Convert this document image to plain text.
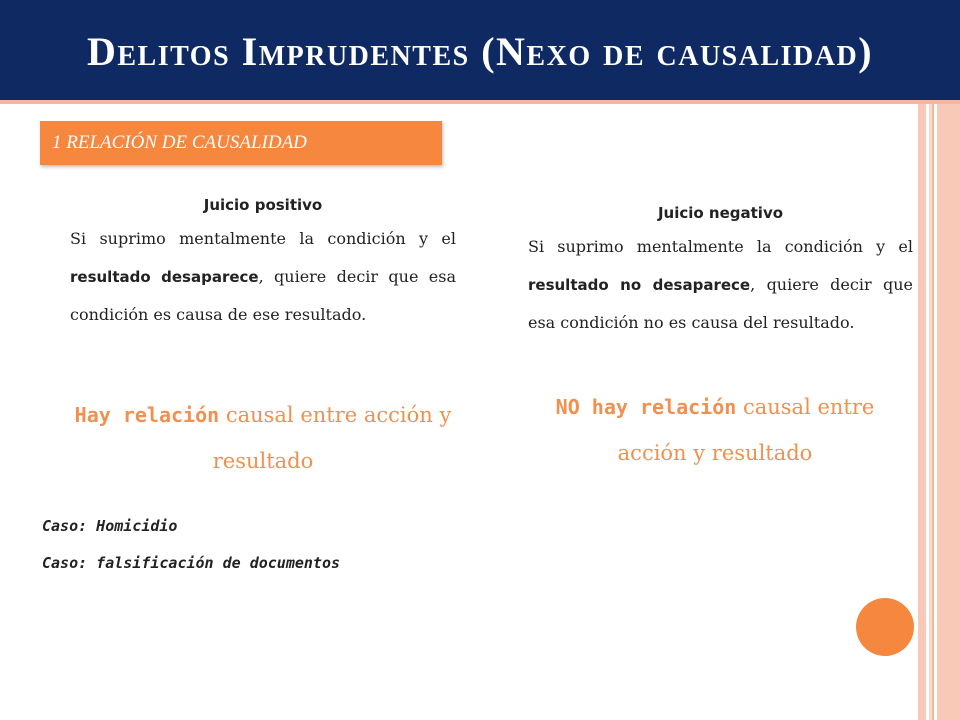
Delitos Imprudentes (Nexo de causalidad)
1 RELACIÓN DE CAUSALIDAD

Juicio positivo

Si suprimo mentalmente la condición y el resultado desaparece, quiere decir que esa condición es causa de ese resultado.

Hay relación causal entre acción y resultado

Juicio negativo

Si suprimo mentalmente la condición y el resultado no desaparece, quiere decir que esa condición no es causa del resultado.

NO hay relación causal entre acción y resultado
Caso: Homicidio
Caso: falsificación de documentos
